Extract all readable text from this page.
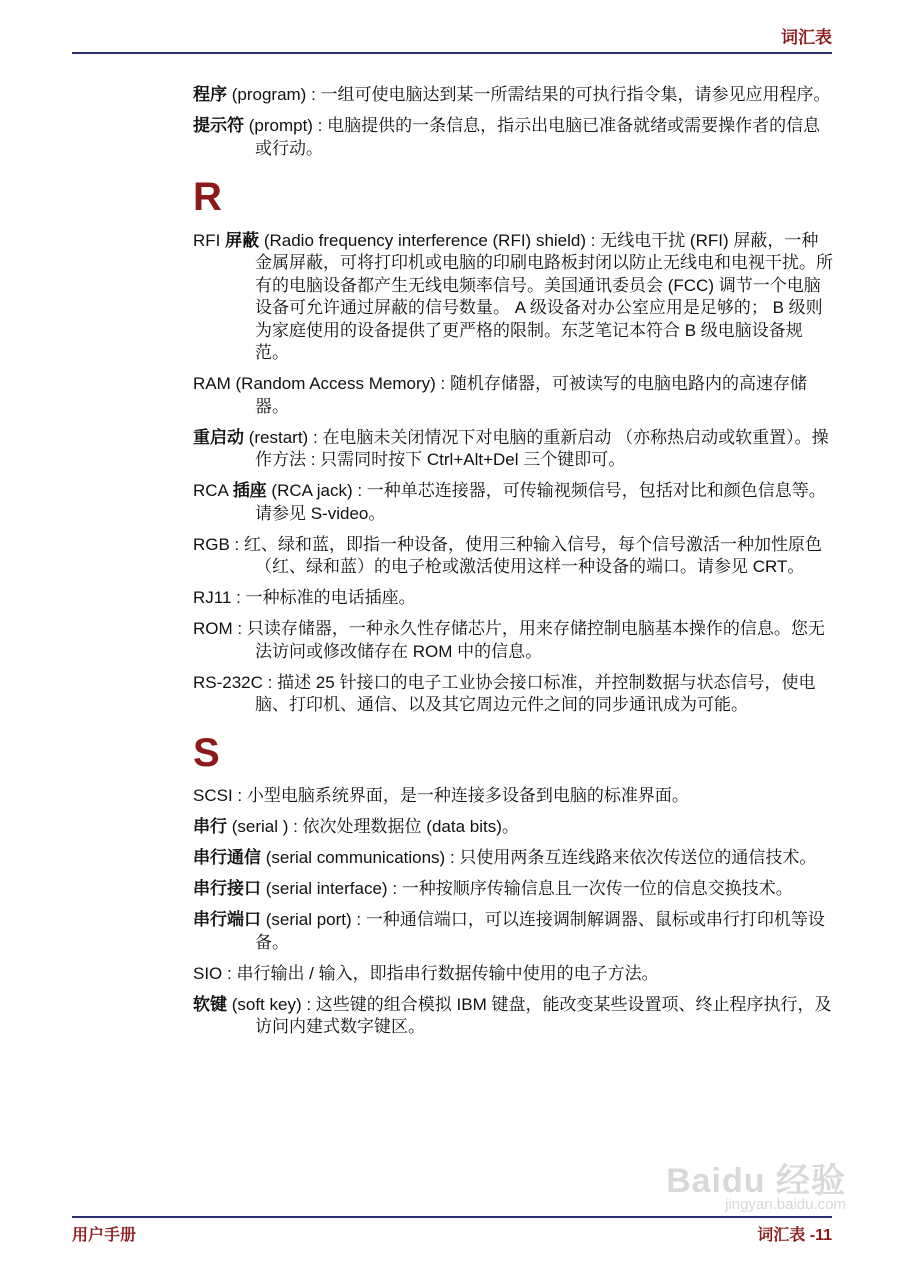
词汇表

程序 (program) : 一组可使电脑达到某一所需结果的可执行指令集，请参见应用程序。

提示符 (prompt) : 电脑提供的一条信息，指示出电脑已准备就绪或需要操作者的信息或行动。

R

RFI 屏蔽 (Radio frequency interference (RFI) shield) : 无线电干扰 (RFI) 屏蔽，一种金属屏蔽，可将打印机或电脑的印刷电路板封闭以防止无线电和电视干扰。所有的电脑设备都产生无线电频率信号。美国通讯委员会 (FCC) 调节一个电脑设备可允许通过屏蔽的信号数量。 A 级设备对办公室应用是足够的； B 级则为家庭使用的设备提供了更严格的限制。东芝笔记本符合 B 级电脑设备规范。

RAM (Random Access Memory) : 随机存储器，可被读写的电脑电路内的高速存储器。

重启动 (restart) : 在电脑未关闭情况下对电脑的重新启动 （亦称热启动或软重置）。操作方法 : 只需同时按下 Ctrl+Alt+Del 三个键即可。

RCA 插座 (RCA jack) : 一种单芯连接器，可传输视频信号，包括对比和颜色信息等。请参见 S-video。

RGB : 红、绿和蓝，即指一种设备，使用三种输入信号，每个信号激活一种加性原色 （红、绿和蓝）的电子枪或激活使用这样一种设备的端口。请参见 CRT。

RJ11 : 一种标准的电话插座。

ROM : 只读存储器，一种永久性存储芯片，用来存储控制电脑基本操作的信息。您无法访问或修改储存在 ROM 中的信息。

RS-232C : 描述 25 针接口的电子工业协会接口标准，并控制数据与状态信号，使电脑、打印机、通信、以及其它周边元件之间的同步通讯成为可能。

S

SCSI : 小型电脑系统界面，是一种连接多设备到电脑的标准界面。

串行 (serial ) : 依次处理数据位 (data bits)。

串行通信 (serial communications) : 只使用两条互连线路来依次传送位的通信技术。

串行接口 (serial interface) : 一种按顺序传输信息且一次传一位的信息交换技术。

串行端口 (serial port) : 一种通信端口，可以连接调制解调器、鼠标或串行打印机等设备。

SIO : 串行输出 / 输入，即指串行数据传输中使用的电子方法。

软键 (soft key) : 这些键的组合模拟 IBM 键盘，能改变某些设置项、终止程序执行，及访问内建式数字键区。

Baidu 经验
jingyan.baidu.com
用户手册	词汇表 -11
